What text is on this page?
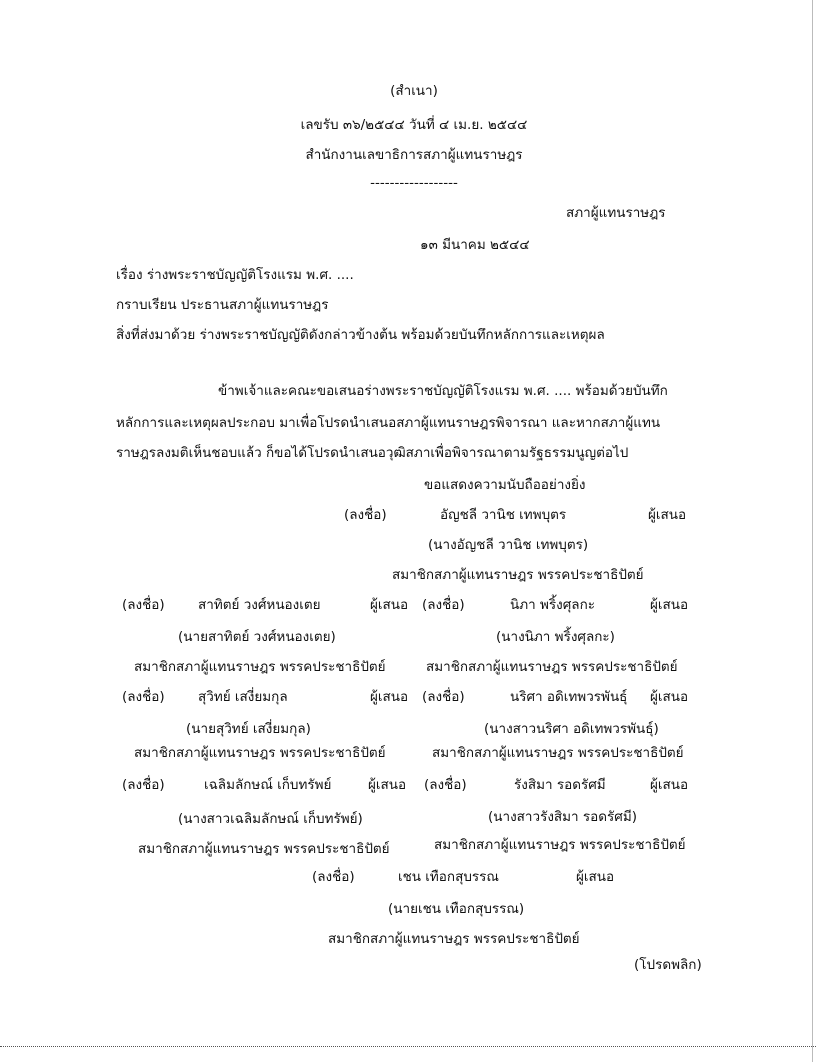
(สำเนา)
เลขรับ ๓๖/๒๕๔๔ วันที่ ๔ เม.ย. ๒๕๔๔
สำนักงานเลขาธิการสภาผู้แทนราษฎร
------------------
สภาผู้แทนราษฎร
๑๓ มีนาคม ๒๕๔๔
เรื่อง ร่างพระราชบัญญัติโรงแรม พ.ศ. ....
กราบเรียน ประธานสภาผู้แทนราษฎร
สิ่งที่ส่งมาด้วย ร่างพระราชบัญญัติดังกล่าวข้างต้น พร้อมด้วยบันทึกหลักการและเหตุผล
ข้าพเจ้าและคณะขอเสนอร่างพระราชบัญญัติโรงแรม พ.ศ. .... พร้อมด้วยบันทึก
หลักการและเหตุผลประกอบ มาเพื่อโปรดนำเสนอสภาผู้แทนราษฎรพิจารณา และหากสภาผู้แทน
ราษฎรลงมติเห็นชอบแล้ว ก็ขอได้โปรดนำเสนอวุฒิสภาเพื่อพิจารณาตามรัฐธรรมนูญต่อไป
ขอแสดงความนับถืออย่างยิ่ง
(ลงชื่อ)	อัญชลี วานิช เทพบุตร	ผู้เสนอ
(นางอัญชลี วานิช เทพบุตร)
สมาชิกสภาผู้แทนราษฎร พรรคประชาธิปัตย์
(ลงชื่อ) สาทิตย์ วงศ์หนองเตย	ผู้เสนอ (ลงชื่อ)	นิภา พริ้งศุลกะ	ผู้เสนอ
(นายสาทิตย์ วงศ์หนองเตย)	(นางนิภา พริ้งศุลกะ)
สมาชิกสภาผู้แทนราษฎร พรรคประชาธิปัตย์	สมาชิกสภาผู้แทนราษฎร พรรคประชาธิปัตย์
(ลงชื่อ) สุวิทย์ เสงี่ยมกุล	ผู้เสนอ (ลงชื่อ)	นริศา อดิเทพวรพันธุ์ ผู้เสนอ
(นายสุวิทย์ เสงี่ยมกุล)	(นางสาวนริศา อดิเทพวรพันธุ์)
สมาชิกสภาผู้แทนราษฎร พรรคประชาธิปัตย์	สมาชิกสภาผู้แทนราษฎร พรรคประชาธิปัตย์
(ลงชื่อ)	เฉลิมลักษณ์ เก็บทรัพย์	ผู้เสนอ (ลงชื่อ)	รังสิมา รอดรัศมี	ผู้เสนอ
(นางสาวเฉลิมลักษณ์ เก็บทรัพย์)	(นางสาวรังสิมา รอดรัศมี)
สมาชิกสภาผู้แทนราษฎร พรรคประชาธิปัตย์	สมาชิกสภาผู้แทนราษฎร พรรคประชาธิปัตย์
(ลงชื่อ)	เชน เทือกสุบรรณ	ผู้เสนอ
(นายเชน เทือกสุบรรณ)
สมาชิกสภาผู้แทนราษฎร พรรคประชาธิปัตย์
(โปรดพลิก)
